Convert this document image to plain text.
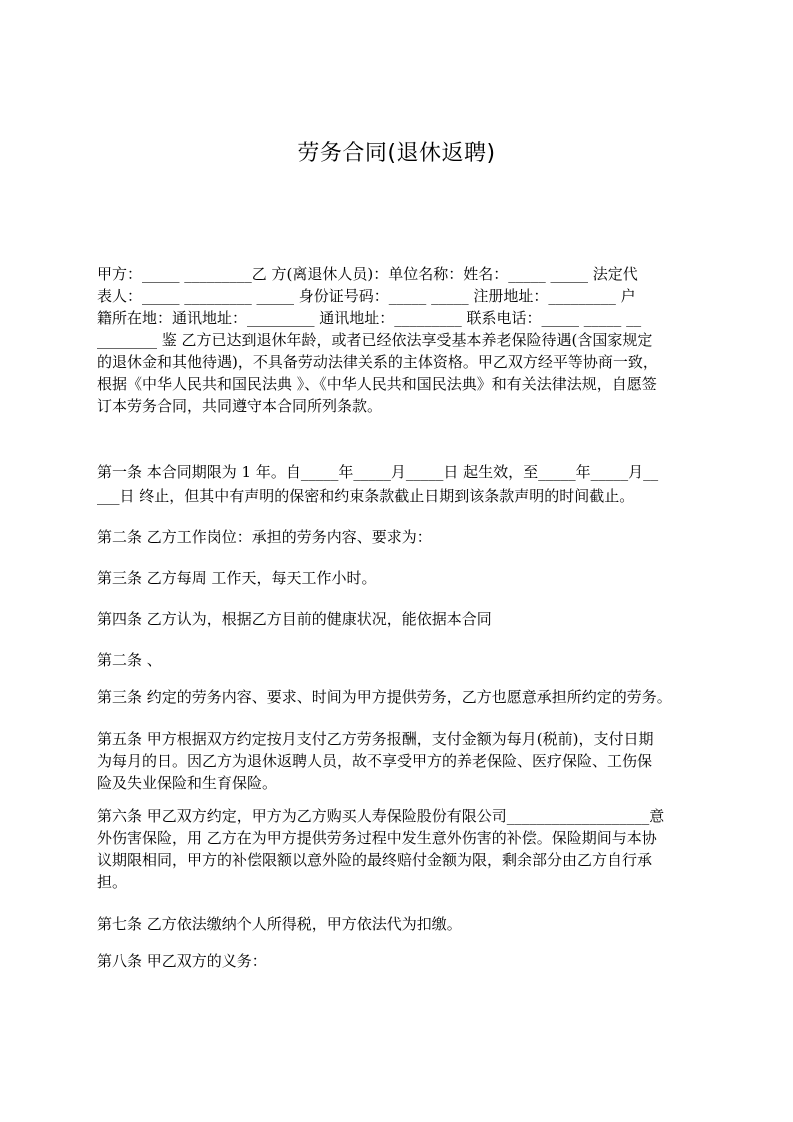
劳务合同(退休返聘)
甲方：_____ _________乙 方(离退休人员)：单位名称：姓名：_____ _____ 法定代
表人：_____ _________ _____ 身份证号码：_____ _____ 注册地址：_________ 户
籍所在地：通讯地址：_________ 通讯地址：_________ 联系电话：_____ _____ __
________ 鉴 乙方已达到退休年龄，或者已经依法享受基本养老保险待遇(含国家规定
的退休金和其他待遇)，不具备劳动法律关系的主体资格。甲乙双方经平等协商一致，
根据《中华人民共和国民法典 》、《中华人民共和国民法典》和有关法律法规，自愿签
订本劳务合同，共同遵守本合同所列条款。
第一条 本合同期限为 1 年。自_____年_____月_____日 起生效，至_____年_____月__
___日 终止，但其中有声明的保密和约束条款截止日期到该条款声明的时间截止。
第二条 乙方工作岗位：承担的劳务内容、要求为：
第三条 乙方每周 工作天，每天工作小时。
第四条 乙方认为，根据乙方目前的健康状况，能依据本合同
第二条 、
第三条 约定的劳务内容、要求、时间为甲方提供劳务，乙方也愿意承担所约定的劳务。
第五条 甲方根据双方约定按月支付乙方劳务报酬，支付金额为每月(税前)，支付日期
为每月的日。因乙方为退休返聘人员，故不享受甲方的养老保险、医疗保险、工伤保
险及失业保险和生育保险。
第六条 甲乙双方约定，甲方为乙方购买人寿保险股份有限公司___________________意
外伤害保险，用 乙方在为甲方提供劳务过程中发生意外伤害的补偿。保险期间与本协
议期限相同，甲方的补偿限额以意外险的最终赔付金额为限，剩余部分由乙方自行承
担。
第七条 乙方依法缴纳个人所得税，甲方依法代为扣缴。
第八条 甲乙双方的义务：
